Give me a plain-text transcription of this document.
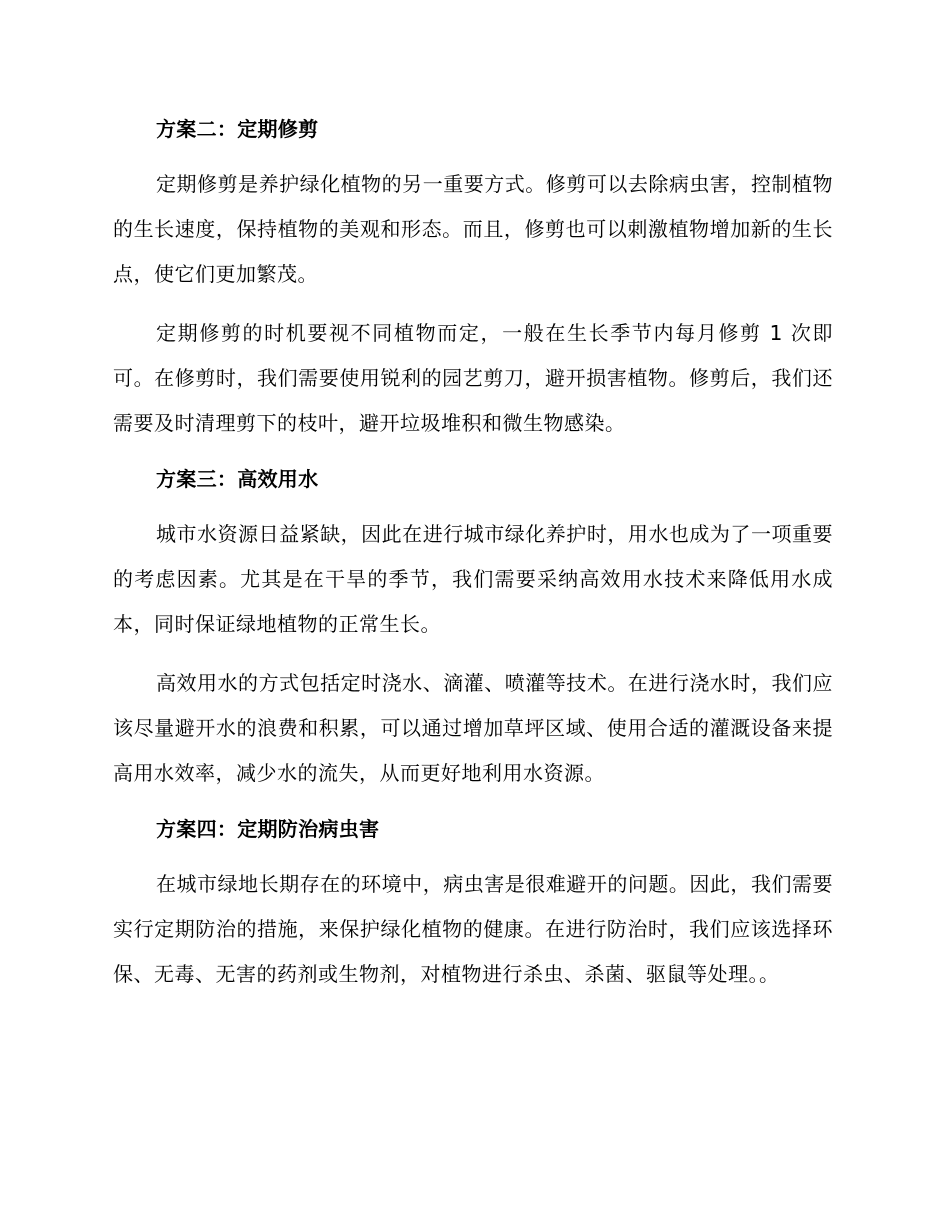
方案二：定期修剪

定期修剪是养护绿化植物的另一重要方式。修剪可以去除病虫害，控制植物的生长速度，保持植物的美观和形态。而且，修剪也可以刺激植物增加新的生长点，使它们更加繁茂。

定期修剪的时机要视不同植物而定，一般在生长季节内每月修剪 1 次即可。在修剪时，我们需要使用锐利的园艺剪刀，避开损害植物。修剪后，我们还需要及时清理剪下的枝叶，避开垃圾堆积和微生物感染。

方案三：高效用水

城市水资源日益紧缺，因此在进行城市绿化养护时，用水也成为了一项重要的考虑因素。尤其是在干旱的季节，我们需要采纳高效用水技术来降低用水成本，同时保证绿地植物的正常生长。

高效用水的方式包括定时浇水、滴灌、喷灌等技术。在进行浇水时，我们应该尽量避开水的浪费和积累，可以通过增加草坪区域、使用合适的灌溉设备来提高用水效率，减少水的流失，从而更好地利用水资源。

方案四：定期防治病虫害

在城市绿地长期存在的环境中，病虫害是很难避开的问题。因此，我们需要实行定期防治的措施，来保护绿化植物的健康。在进行防治时，我们应该选择环保、无毒、无害的药剂或生物剂，对植物进行杀虫、杀菌、驱鼠等处理。。
